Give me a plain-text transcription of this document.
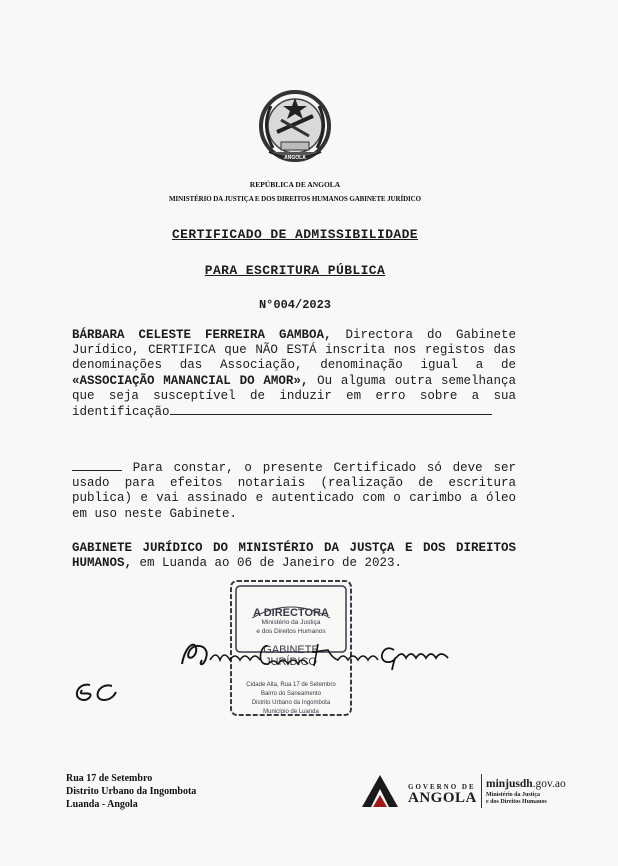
ANGOLA
REPÚBLICA DE ANGOLA
MINISTÉRIO DA JUSTIÇA E DOS DIREITOS HUMANOS GABINETE JURÍDICO
CERTIFICADO DE ADMISSIBILIDADE
PARA ESCRITURA PÚBLICA
N°004/2023
BÁRBARA CELESTE FERREIRA GAMBOA, Directora do Gabinete Jurídico, CERTIFICA que NÃO ESTÁ inscrita nos registos das denominações das Associação, denominação igual a de «ASSOCIAÇÃO MANANCIAL DO AMOR», Ou alguma outra semelhança que seja susceptível de induzir em erro sobre a sua identificação
Para constar, o presente Certificado só deve ser usado para efeitos notariais (realização de escritura publica) e vai assinado e autenticado com o carimbo a óleo em uso neste Gabinete.
GABINETE JURÍDICO DO MINISTÉRIO DA JUSTÇA E DOS DIREITOS HUMANOS, em Luanda ao 06 de Janeiro de 2023.
A DIRECTORA
Ministério da Justiça
e dos Direitos Humanos
GABINETE
JURÍDICO
Cidade Alta, Rua 17 de Setembro
Bairro do Saneamento
Distrito Urbano da Ingombota
Município de Luanda
Rua 17 de Setembro
Distrito Urbano da Ingombota
Luanda - Angola
GOVERNO DE
ANGOLA
minjusdh.gov.ao
Ministério da Justiça
e dos Direitos Humanos
